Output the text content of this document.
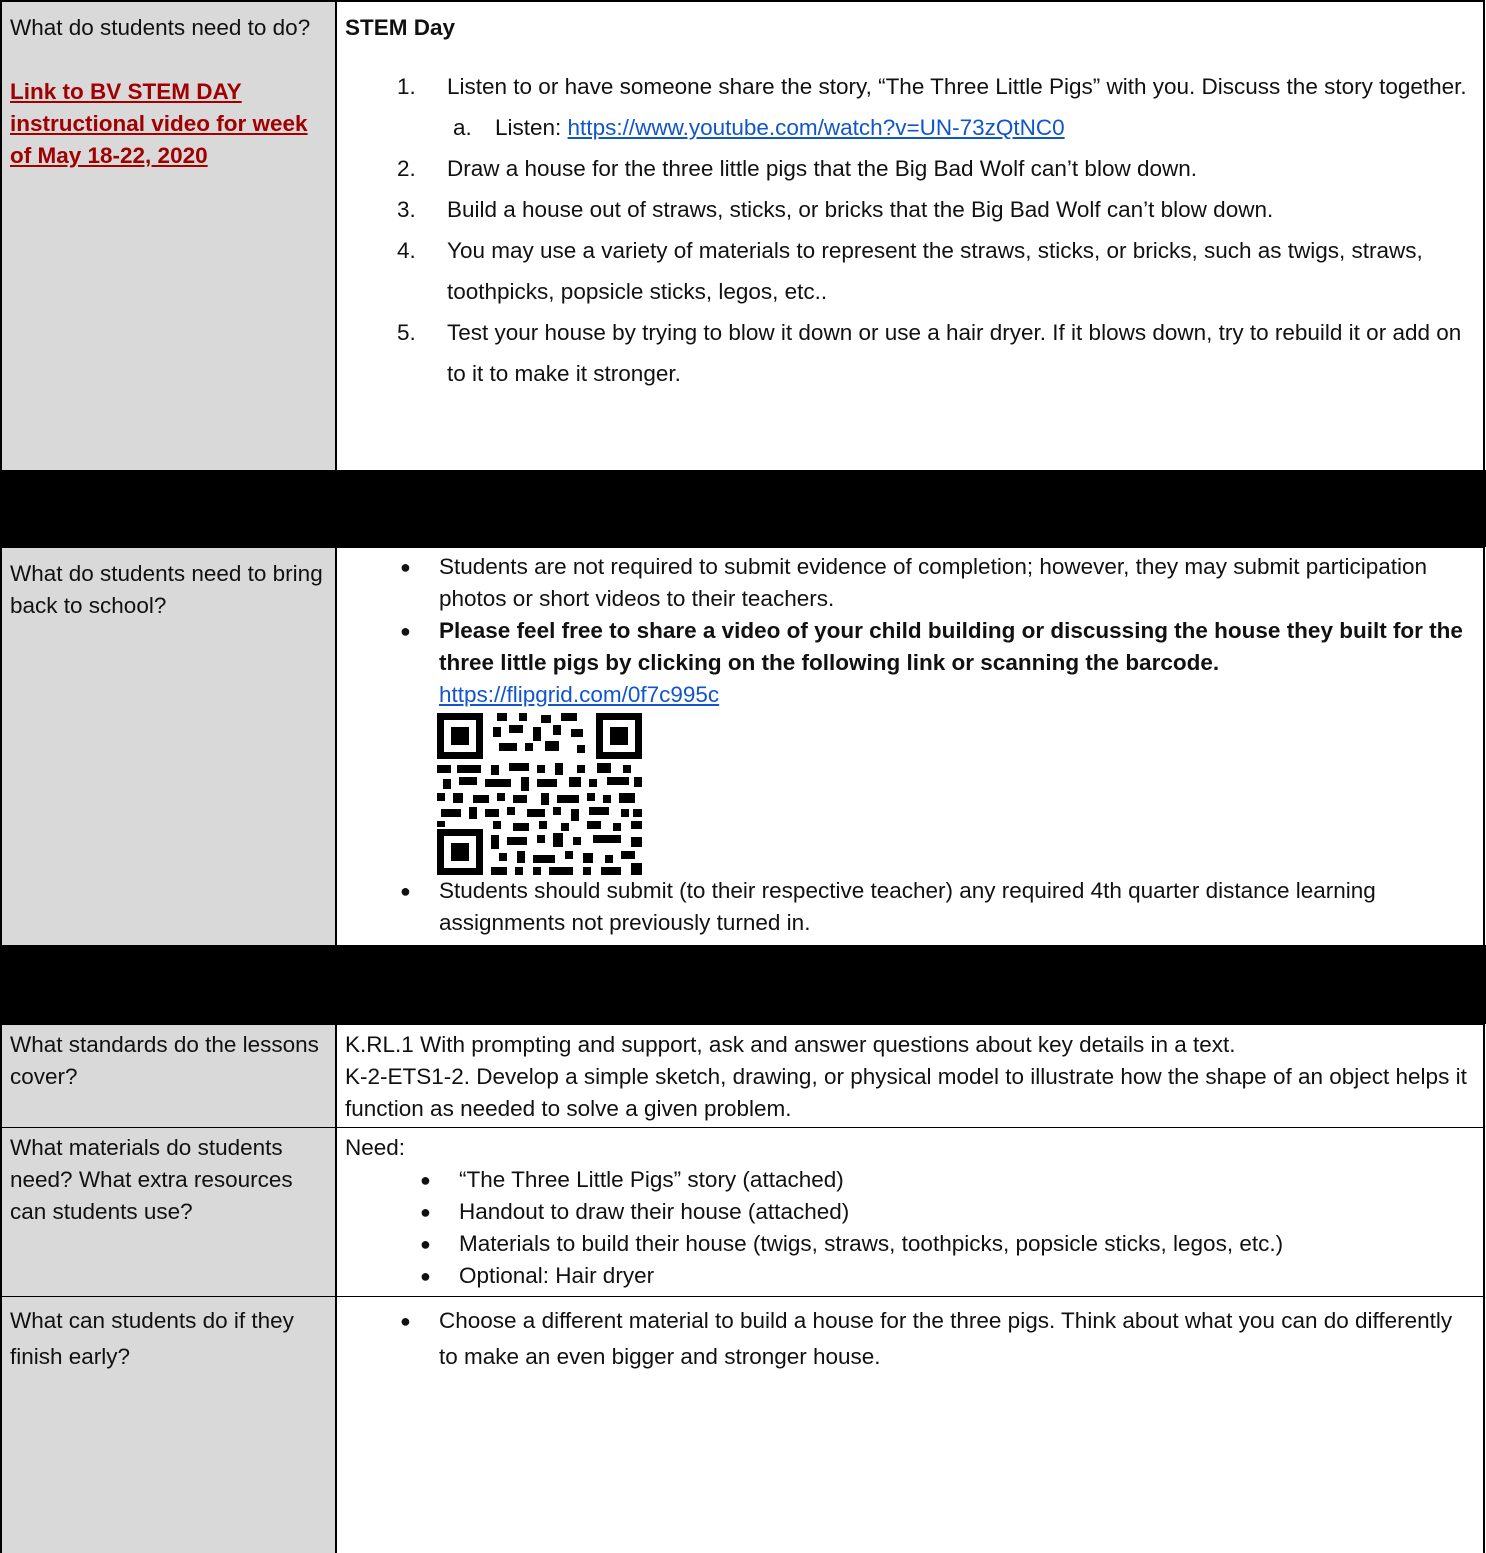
What do students need to do?
Link to BV STEM DAY instructional video for week of May 18-22, 2020
STEM Day
1. Listen to or have someone share the story, “The Three Little Pigs” with you. Discuss the story together.
a. Listen: https://www.youtube.com/watch?v=UN-73zQtNC0
2. Draw a house for the three little pigs that the Big Bad Wolf can’t blow down.
3. Build a house out of straws, sticks, or bricks that the Big Bad Wolf can’t blow down.
4. You may use a variety of materials to represent the straws, sticks, or bricks, such as twigs, straws, toothpicks, popsicle sticks, legos, etc..
5. Test your house by trying to blow it down or use a hair dryer. If it blows down, try to rebuild it or add on to it to make it stronger.
What do students need to bring back to school?
● Students are not required to submit evidence of completion; however, they may submit participation photos or short videos to their teachers.
● Please feel free to share a video of your child building or discussing the house they built for the three little pigs by clicking on the following link or scanning the barcode.
https://flipgrid.com/0f7c995c
● Students should submit (to their respective teacher) any required 4th quarter distance learning assignments not previously turned in.
What standards do the lessons cover?
K.RL.1 With prompting and support, ask and answer questions about key details in a text.
K-2-ETS1-2. Develop a simple sketch, drawing, or physical model to illustrate how the shape of an object helps it function as needed to solve a given problem.
What materials do students need? What extra resources can students use?
Need:
● “The Three Little Pigs” story (attached)
● Handout to draw their house (attached)
● Materials to build their house (twigs, straws, toothpicks, popsicle sticks, legos, etc.)
● Optional: Hair dryer
What can students do if they finish early?
● Choose a different material to build a house for the three pigs. Think about what you can do differently to make an even bigger and stronger house.
